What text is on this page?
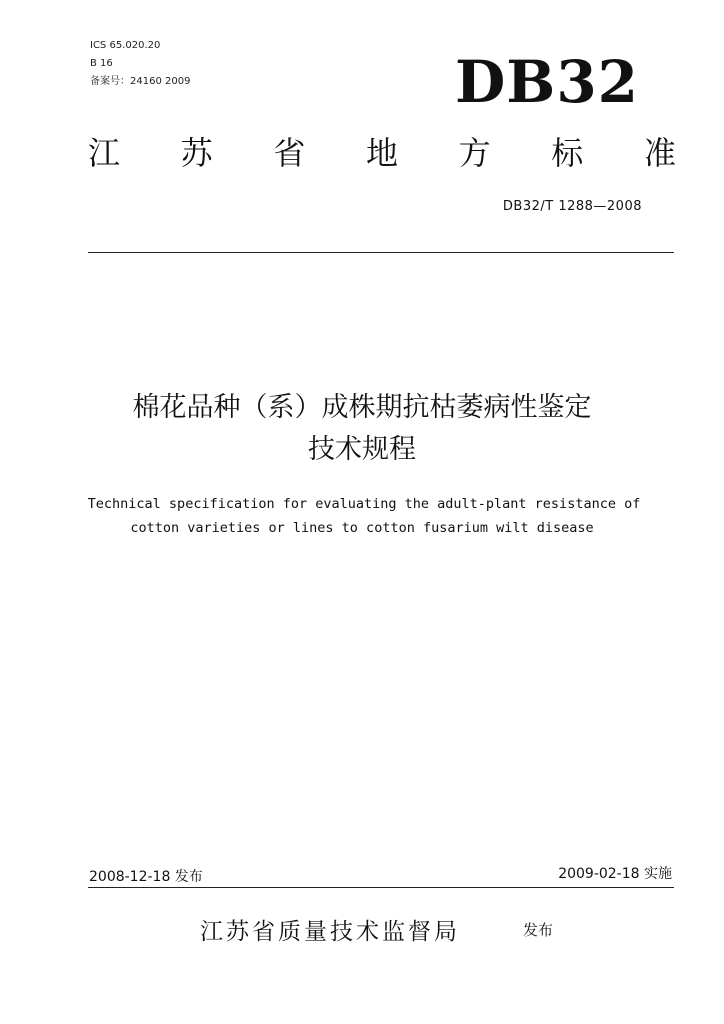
ICS 65.020.20
B 16
备案号：24160 2009	DB32
江 苏 省 地 方 标 准
DB32/T 1288—2008
棉花品种（系）成株期抗枯萎病性鉴定
技术规程
Technical specification for evaluating the adult-plant resistance of
cotton varieties or lines to cotton fusarium wilt disease
2008-12-18 发布	2009-02-18 实施
江苏省质量技术监督局	发布
